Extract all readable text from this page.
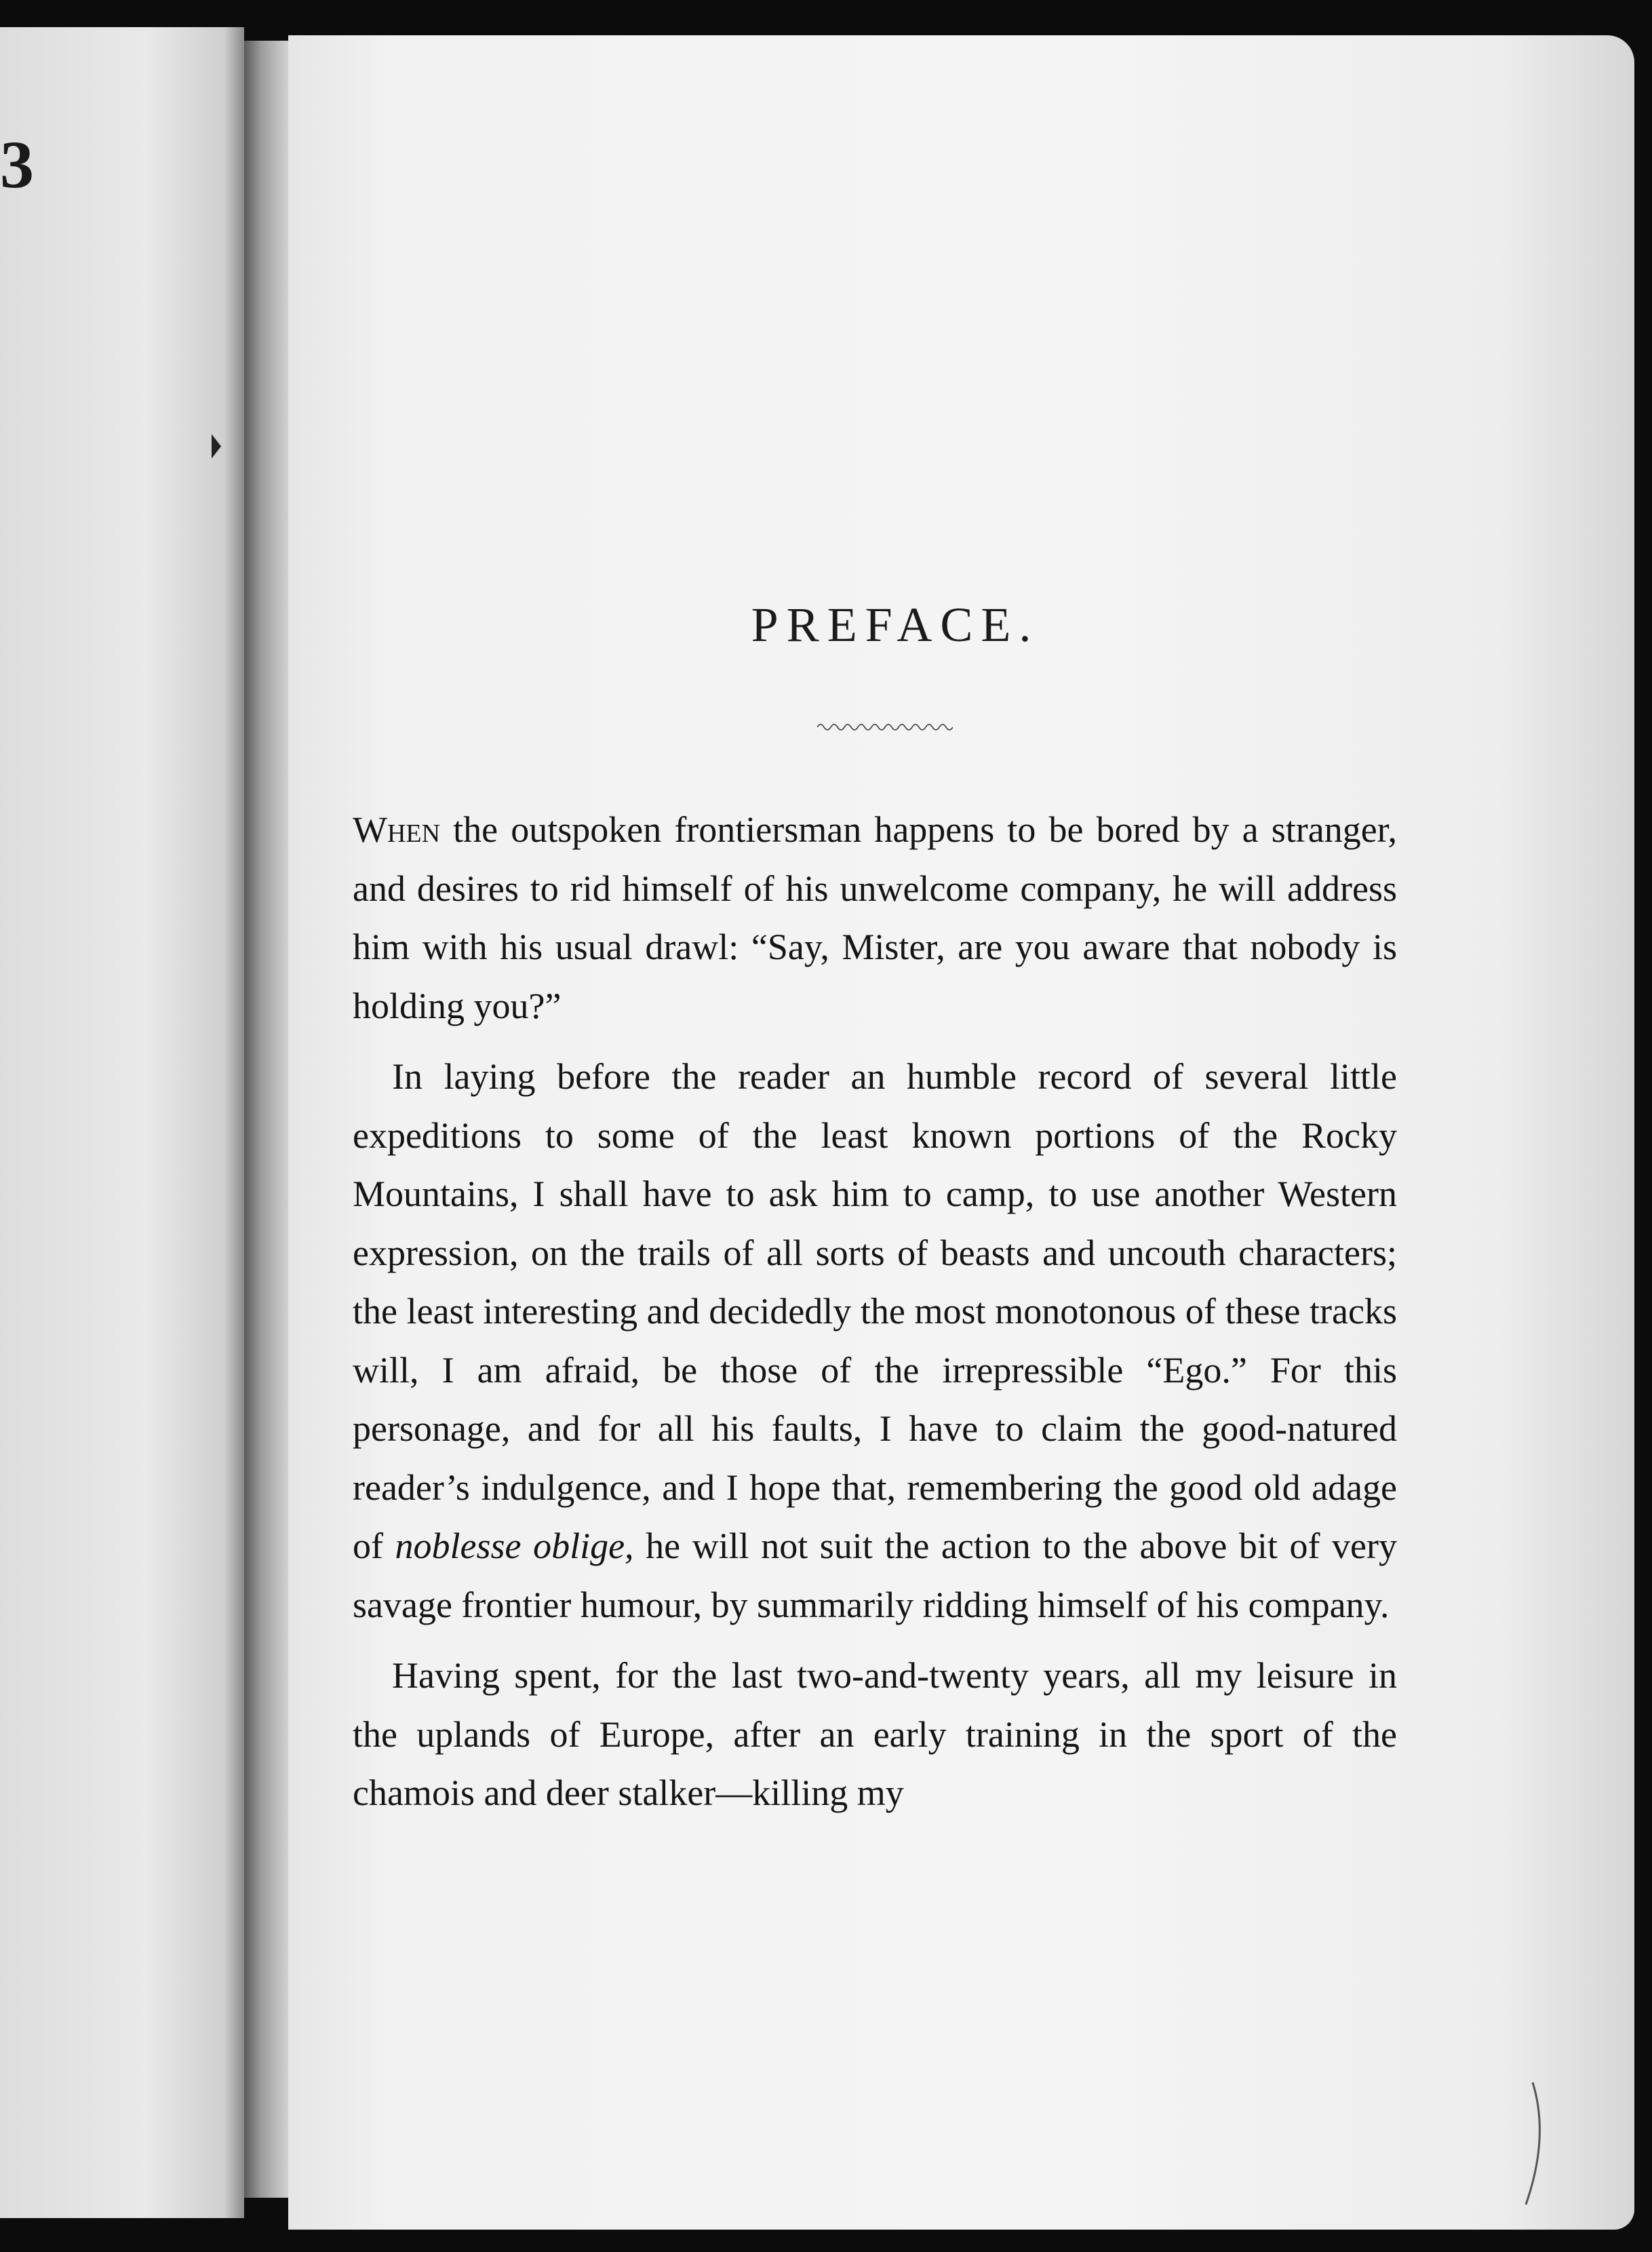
3
PREFACE.

When the outspoken frontiersman happens to be bored by a stranger, and desires to rid himself of his unwelcome company, he will address him with his usual drawl: “Say, Mister, are you aware that nobody is holding you?”

In laying before the reader an humble record of several little expeditions to some of the least known portions of the Rocky Mountains, I shall have to ask him to camp, to use another Western expression, on the trails of all sorts of beasts and uncouth characters; the least interesting and decidedly the most monotonous of these tracks will, I am afraid, be those of the irrepressible “Ego.” For this personage, and for all his faults, I have to claim the good-natured reader’s indulgence, and I hope that, remembering the good old adage of noblesse oblige, he will not suit the action to the above bit of very savage frontier humour, by summarily ridding himself of his company.

Having spent, for the last two-and-twenty years, all my leisure in the uplands of Europe, after an early training in the sport of the chamois and deer stalker—killing my
